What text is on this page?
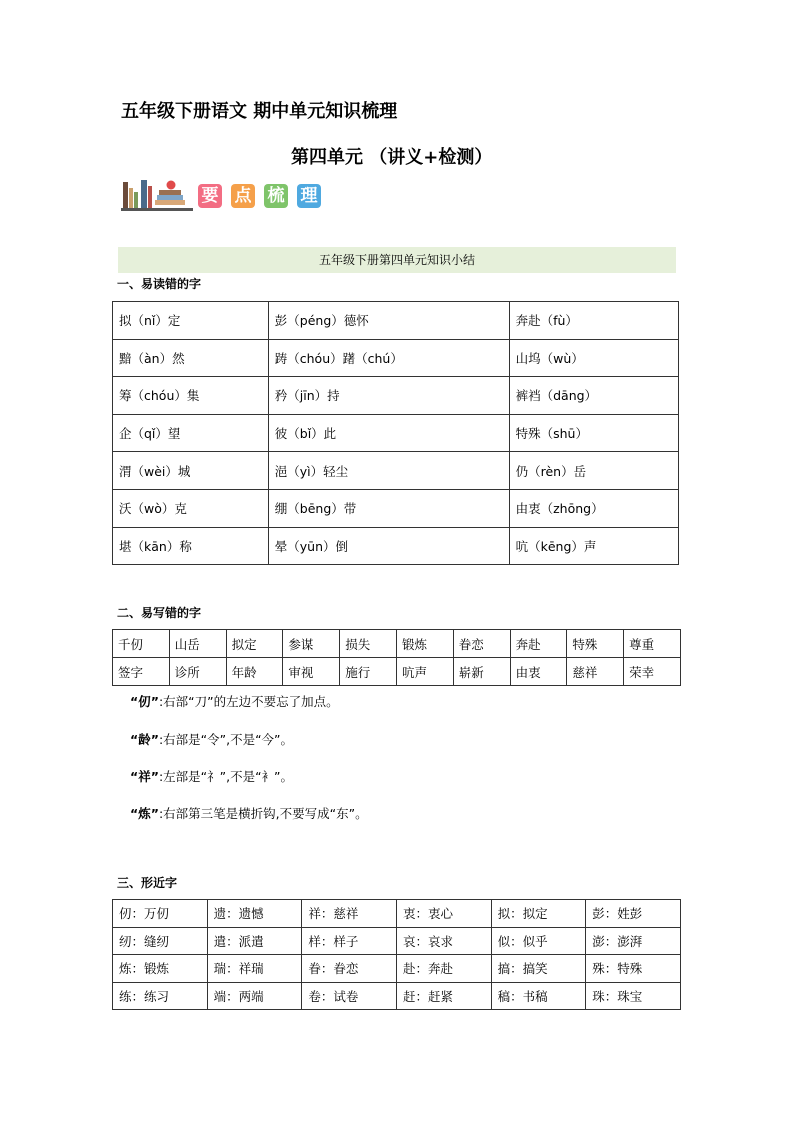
五年级下册语文 期中单元知识梳理
第四单元 （讲义+检测）
要 点 梳 理
五年级下册第四单元知识小结
一、易读错的字
拟（nǐ）定	彭（péng）德怀	奔赴（fù）
黯（àn）然	踌（chóu）躇（chú）	山坞（wù）
筹（chóu）集	矜（jīn）持	裤裆（dāng）
企（qǐ）望	彼（bǐ）此	特殊（shū）
渭（wèi）城	浥（yì）轻尘	仍（rèn）岳
沃（wò）克	绷（bēng）带	由衷（zhōng）
堪（kān）称	晕（yūn）倒	吭（kēng）声
二、易写错的字
千仞	山岳	拟定	参谋	损失	锻炼	眷恋	奔赴	特殊	尊重
签字	诊所	年龄	审视	施行	吭声	崭新	由衷	慈祥	荣幸
“仞”:右部“刀”的左边不要忘了加点。
“龄”:右部是“令”,不是“今”。
“祥”:左部是“礻”,不是“衤”。
“炼”:右部第三笔是横折钩,不要写成“东”。
三、形近字
仞：万仞	遗：遗憾	祥：慈祥	衷：衷心	拟：拟定	彭：姓彭
纫：缝纫	遣：派遣	样：样子	哀：哀求	似：似乎	澎：澎湃
炼：锻炼	瑞：祥瑞	眷：眷恋	赴：奔赴	搞：搞笑	殊：特殊
练：练习	端：两端	卷：试卷	赶：赶紧	稿：书稿	珠：珠宝
